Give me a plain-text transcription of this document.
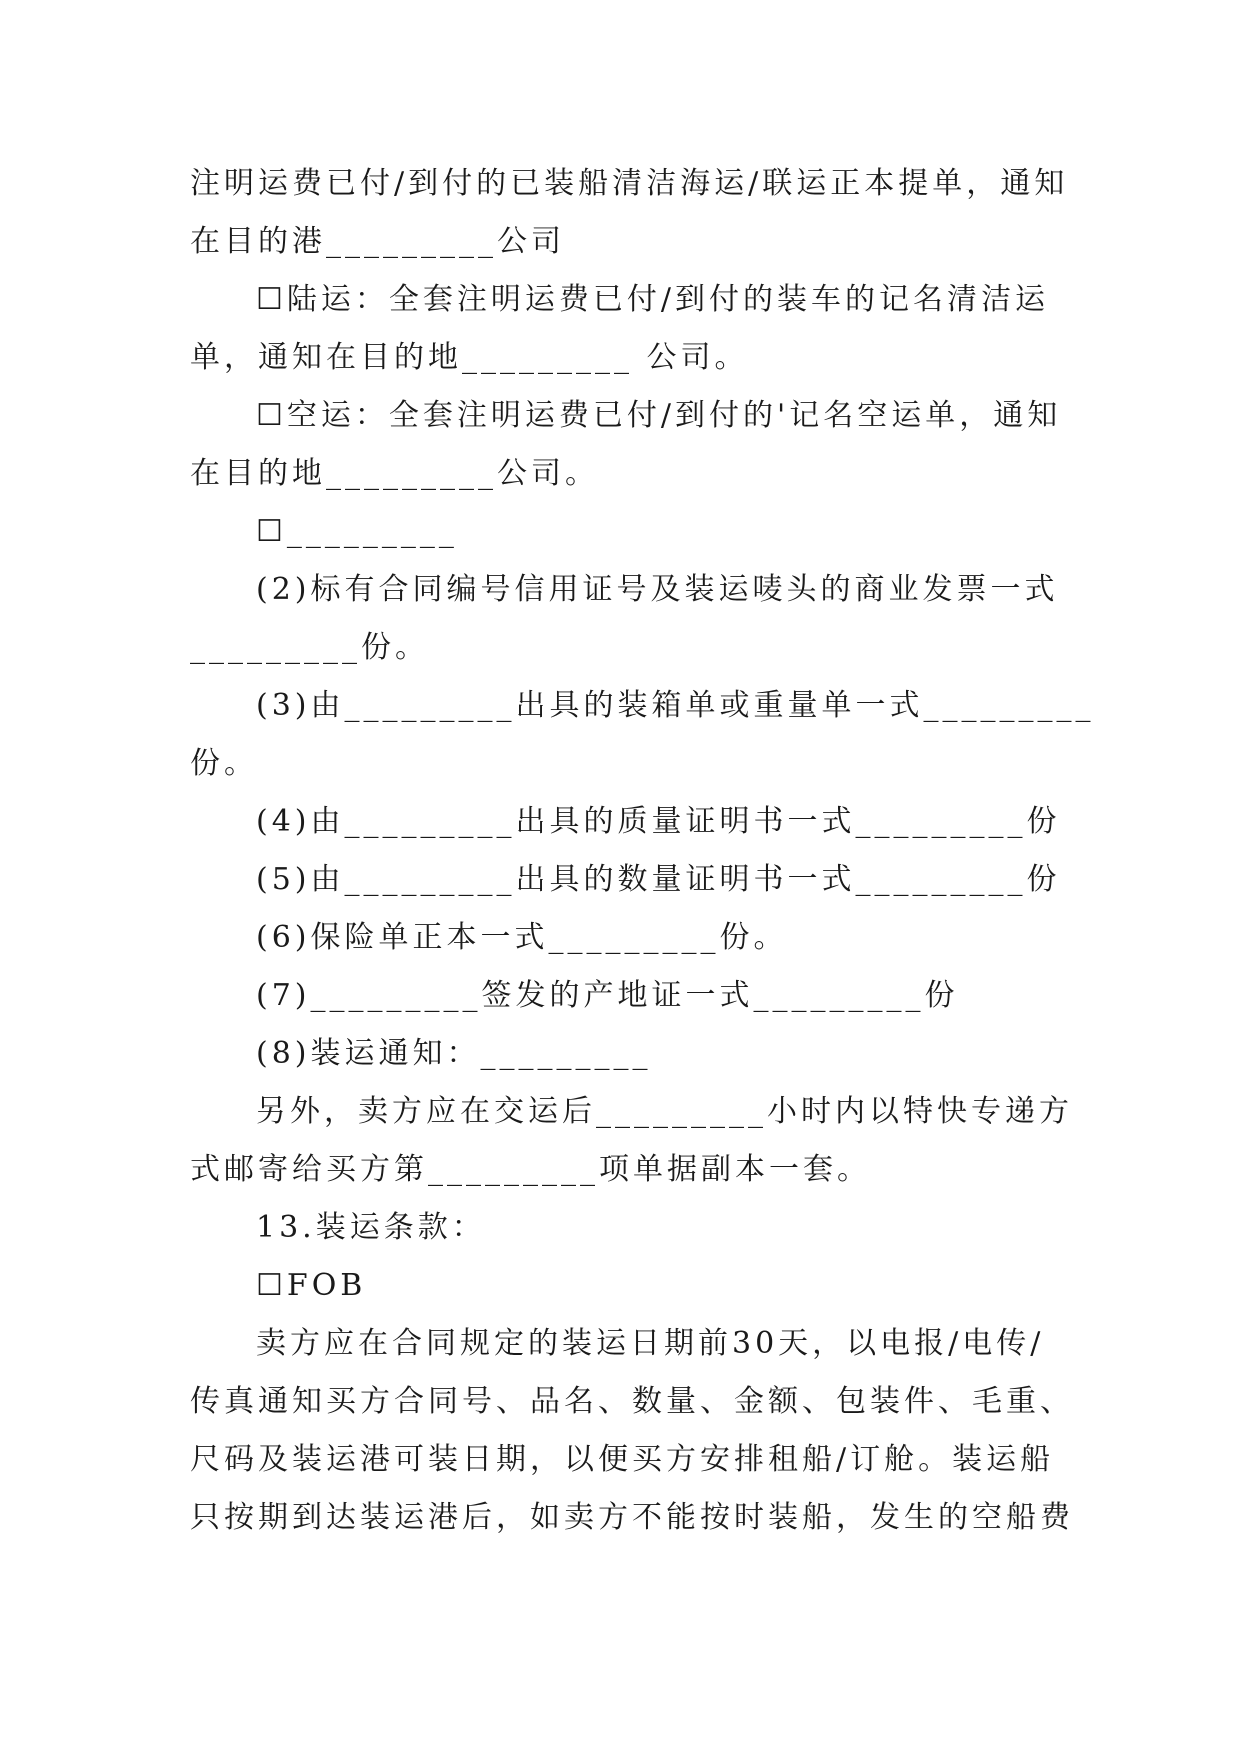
注明运费已付/到付的已装船清洁海运/联运正本提单，通知
在目的港_________公司
☐陆运：全套注明运费已付/到付的装车的记名清洁运
单，通知在目的地_________ 公司。
☐空运：全套注明运费已付/到付的'记名空运单，通知
在目的地_________公司。
☐_________
(2)标有合同编号信用证号及装运唛头的商业发票一式
_________份。
(3)由_________出具的装箱单或重量单一式_________
份。
(4)由_________出具的质量证明书一式_________份
(5)由_________出具的数量证明书一式_________份
(6)保险单正本一式_________份。
(7)_________签发的产地证一式_________份
(8)装运通知：_________
另外，卖方应在交运后_________小时内以特快专递方
式邮寄给买方第_________项单据副本一套。
13.装运条款：
☐FOB
卖方应在合同规定的装运日期前30天，以电报/电传/
传真通知买方合同号、品名、数量、金额、包装件、毛重、
尺码及装运港可装日期，以便买方安排租船/订舱。装运船
只按期到达装运港后，如卖方不能按时装船，发生的空船费
